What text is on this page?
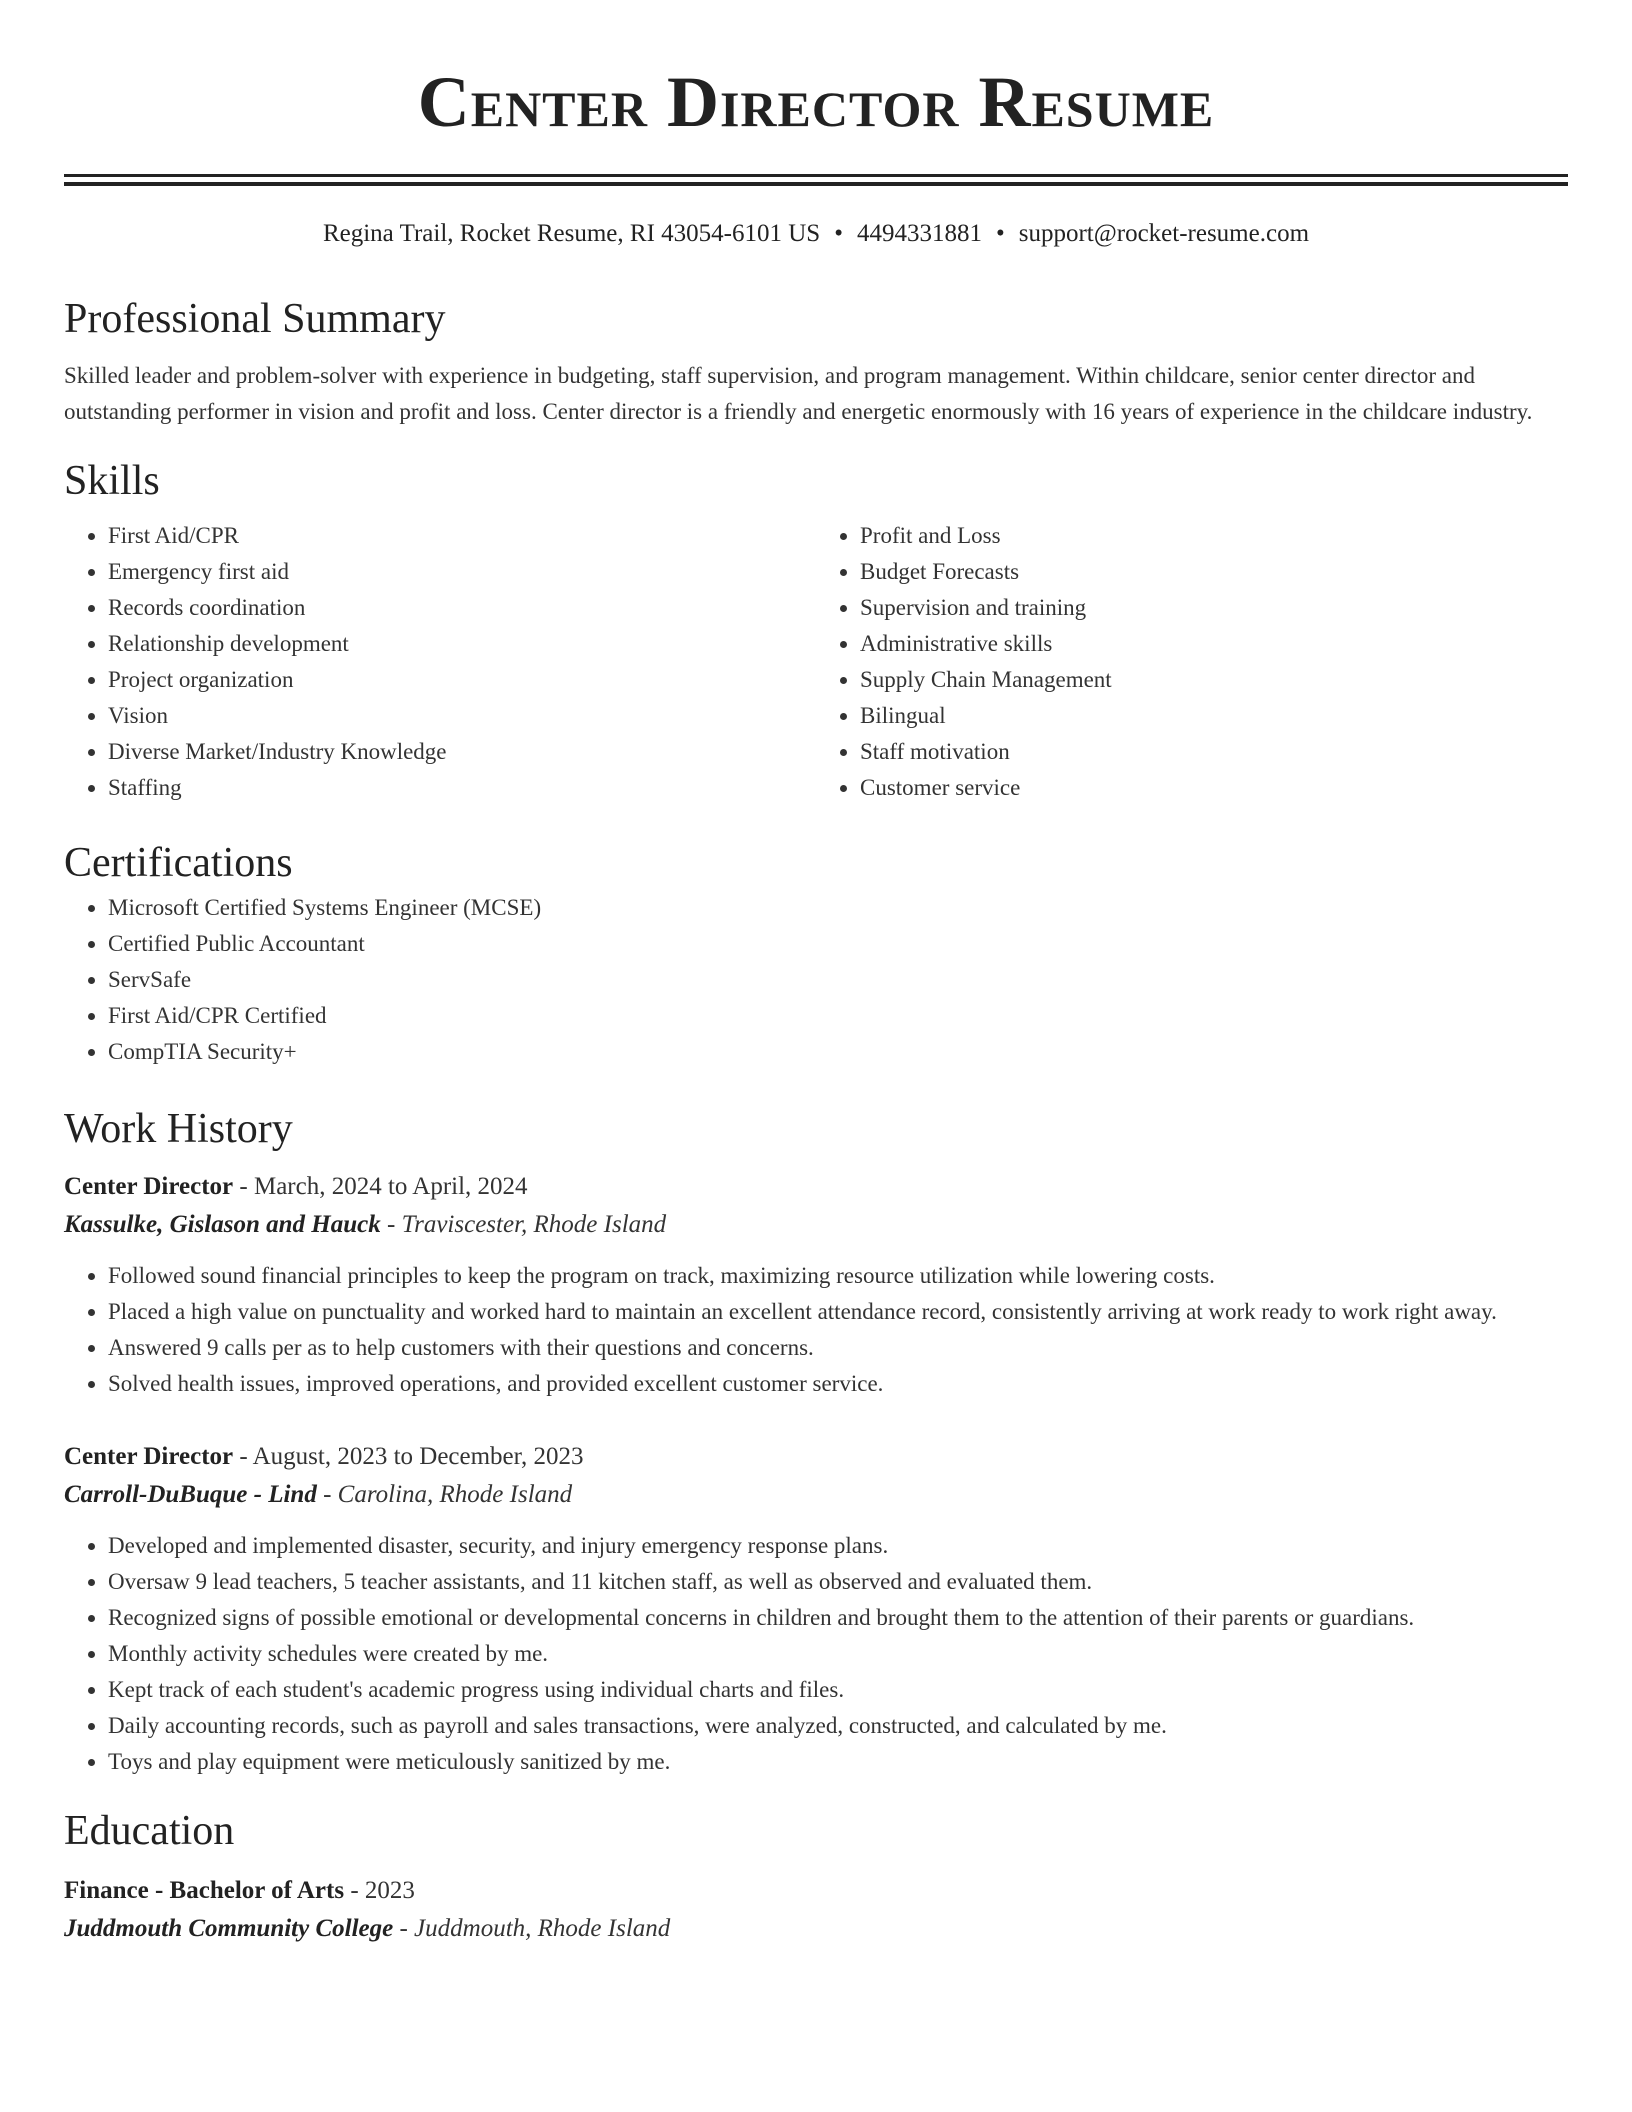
Center Director Resume
Regina Trail, Rocket Resume, RI 43054-6101 US • 4494331881 • support@rocket-resume.com
Professional Summary

Skilled leader and problem-solver with experience in budgeting, staff supervision, and program management. Within childcare, senior center director and outstanding performer in vision and profit and loss. Center director is a friendly and energetic enormously with 16 years of experience in the childcare industry.

Skills
• First Aid/CPR
• Emergency first aid
• Records coordination
• Relationship development
• Project organization
• Vision
• Diverse Market/Industry Knowledge
• Staffing
• Profit and Loss
• Budget Forecasts
• Supervision and training
• Administrative skills
• Supply Chain Management
• Bilingual
• Staff motivation
• Customer service
Certifications
• Microsoft Certified Systems Engineer (MCSE)
• Certified Public Accountant
• ServSafe
• First Aid/CPR Certified
• CompTIA Security+
Work History
Center Director - March, 2024 to April, 2024
Kassulke, Gislason and Hauck - Traviscester, Rhode Island
• Followed sound financial principles to keep the program on track, maximizing resource utilization while lowering costs.
• Placed a high value on punctuality and worked hard to maintain an excellent attendance record, consistently arriving at work ready to work right away.
• Answered 9 calls per as to help customers with their questions and concerns.
• Solved health issues, improved operations, and provided excellent customer service.
Center Director - August, 2023 to December, 2023
Carroll-DuBuque - Lind - Carolina, Rhode Island
• Developed and implemented disaster, security, and injury emergency response plans.
• Oversaw 9 lead teachers, 5 teacher assistants, and 11 kitchen staff, as well as observed and evaluated them.
• Recognized signs of possible emotional or developmental concerns in children and brought them to the attention of their parents or guardians.
• Monthly activity schedules were created by me.
• Kept track of each student's academic progress using individual charts and files.
• Daily accounting records, such as payroll and sales transactions, were analyzed, constructed, and calculated by me.
• Toys and play equipment were meticulously sanitized by me.
Education
Finance - Bachelor of Arts - 2023
Juddmouth Community College - Juddmouth, Rhode Island
